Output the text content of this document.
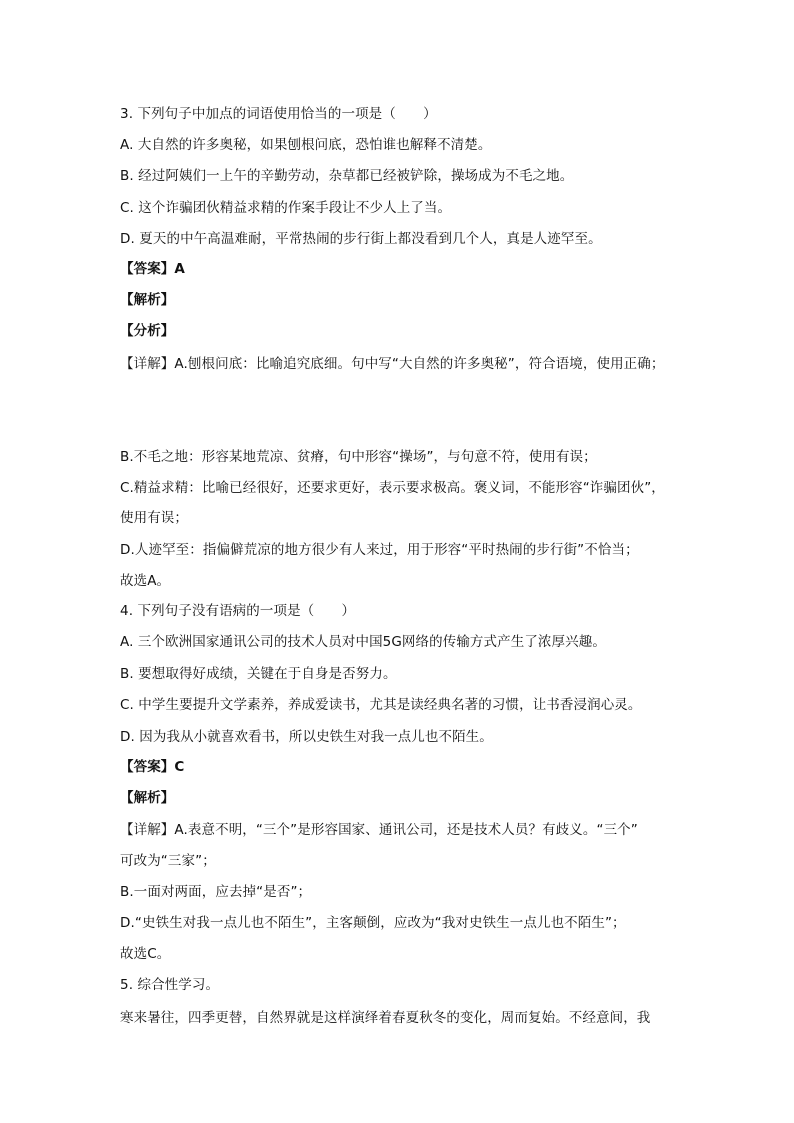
3. 下列句子中加点的词语使用恰当的一项是（　　）
A. 大自然的许多奥秘，如果刨根问底，恐怕谁也解释不清楚。
B. 经过阿姨们一上午的辛勤劳动，杂草都已经被铲除，操场成为不毛之地。
C. 这个诈骗团伙精益求精的作案手段让不少人上了当。
D. 夏天的中午高温难耐，平常热闹的步行街上都没看到几个人，真是人迹罕至。
【答案】A
【解析】
【分析】
【详解】A.刨根问底：比喻追究底细。句中写“大自然的许多奥秘”，符合语境，使用正确；
B.不毛之地：形容某地荒凉、贫瘠，句中形容“操场”，与句意不符，使用有误；
C.精益求精：比喻已经很好，还要求更好，表示要求极高。褒义词，不能形容“诈骗团伙”，
使用有误；
D.人迹罕至：指偏僻荒凉的地方很少有人来过，用于形容“平时热闹的步行街”不恰当；
故选A。
4. 下列句子没有语病的一项是（　　）
A. 三个欧洲国家通讯公司的技术人员对中国5G网络的传输方式产生了浓厚兴趣。
B. 要想取得好成绩，关键在于自身是否努力。
C. 中学生要提升文学素养，养成爱读书，尤其是读经典名著的习惯，让书香浸润心灵。
D. 因为我从小就喜欢看书，所以史铁生对我一点儿也不陌生。
【答案】C
【解析】
【详解】A.表意不明，“三个”是形容国家、通讯公司，还是技术人员？有歧义。“三个”
可改为“三家”；
B.一面对两面，应去掉“是否”；
D.“史铁生对我一点儿也不陌生”，主客颠倒，应改为“我对史铁生一点儿也不陌生”；
故选C。
5. 综合性学习。
寒来暑往，四季更替，自然界就是这样演绎着春夏秋冬的变化，周而复始。不经意间，我
